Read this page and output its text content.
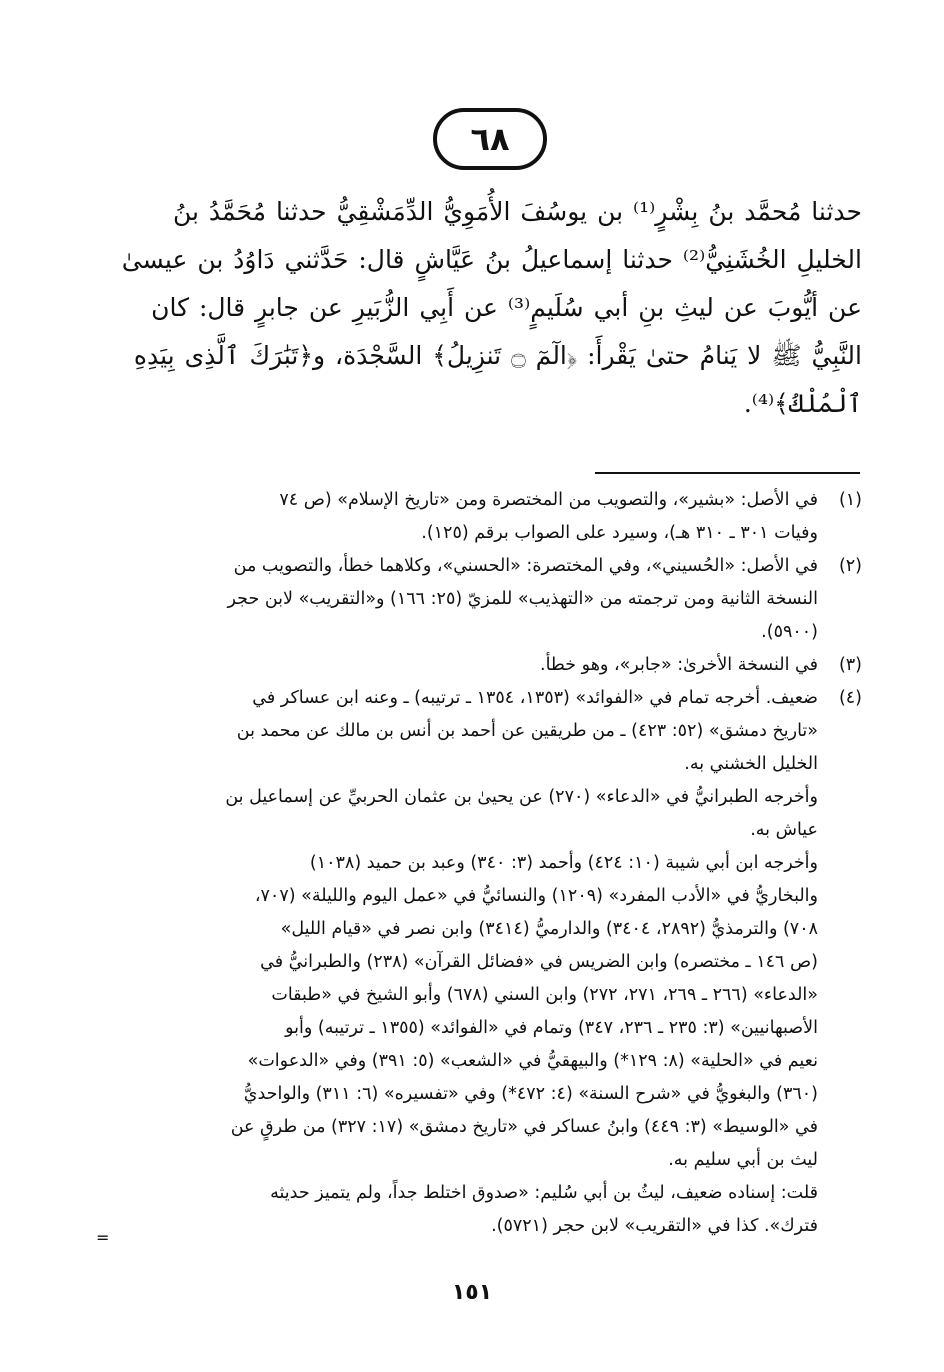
٦٨
حدثنا مُحمَّد بنُ بِشْرٍ⁽¹⁾ بن يوسُفَ الأُمَوِيُّ الدِّمَشْقِيُّ حدثنا مُحَمَّدُ بنُ
الخليلِ الخُشَنِيُّ⁽²⁾ حدثنا إسماعيلُ بنُ عَيَّاشٍ قال: حَدَّثني دَاوُدُ بن عيسىٰ
عن أيُّوبَ عن ليثِ بنِ أبي سُلَيمٍ⁽³⁾ عن أَبِي الزُّبَيرِ عن جابرٍ قال: كان
النَّبِيُّ ﷺ لا يَنامُ حتىٰ يَقْرأَ: ﴿الٓمٓ ۝ تَنزِيلُ﴾ السَّجْدَة، و﴿تَبَٰرَكَ ٱلَّذِى بِيَدِهِ
ٱلْمُلْكُ﴾⁽⁴⁾.
(١)
في الأصل: «بشير»، والتصويب من المختصرة ومن «تاريخ الإسلام» (ص ٧٤
وفيات ٣٠١ ـ ٣١٠ هـ)، وسيرد على الصواب برقم (١٢٥).
(٢)
في الأصل: «الحُسيني»، وفي المختصرة: «الحسني»، وكلاهما خطأ، والتصويب من
النسخة الثانية ومن ترجمته من «التهذيب» للمزيّ (٢٥: ١٦٦) و«التقريب» لابن حجر
(٥٩٠٠).
(٣)
في النسخة الأخرىٰ: «جابر»، وهو خطأ.
(٤)
ضعيف. أخرجه تمام في «الفوائد» (١٣٥٣، ١٣٥٤ ـ ترتيبه) ـ وعنه ابن عساكر في
«تاريخ دمشق» (٥٢: ٤٢٣) ـ من طريقين عن أحمد بن أنس بن مالك عن محمد بن
الخليل الخشني به.
وأخرجه الطبرانيُّ في «الدعاء» (٢٧٠) عن يحيىٰ بن عثمان الحربيِّ عن إسماعيل بن
عياش به.
وأخرجه ابن أبي شيبة (١٠: ٤٢٤) وأحمد (٣: ٣٤٠) وعبد بن حميد (١٠٣٨)
والبخاريُّ في «الأدب المفرد» (١٢٠٩) والنسائيُّ في «عمل اليوم والليلة» (٧٠٧،
٧٠٨) والترمذيُّ (٢٨٩٢، ٣٤٠٤) والدارميُّ (٣٤١٤) وابن نصر في «قيام الليل»
(ص ١٤٦ ـ مختصره) وابن الضريس في «فضائل القرآن» (٢٣٨) والطبرانيُّ في
«الدعاء» (٢٦٦ ـ ٢٦٩، ٢٧١، ٢٧٢) وابن السني (٦٧٨) وأبو الشيخ في «طبقات
الأصبهانيين» (٣: ٢٣٥ ـ ٢٣٦، ٣٤٧) وتمام في «الفوائد» (١٣٥٥ ـ ترتيبه) وأبو
نعيم في «الحلية» (٨: ١٢٩*) والبيهقيُّ في «الشعب» (٥: ٣٩١) وفي «الدعوات»
(٣٦٠) والبغويُّ في «شرح السنة» (٤: ٤٧٢*) وفي «تفسيره» (٦: ٣١١) والواحديُّ
في «الوسيط» (٣: ٤٤٩) وابنُ عساكر في «تاريخ دمشق» (١٧: ٣٢٧) من طرقٍ عن
ليث بن أبي سليم به.
قلت: إسناده ضعيف، ليثُ بن أبي سُليم: «صدوق اختلط جداً، ولم يتميز حديثه
فترك». كذا في «التقريب» لابن حجر (٥٧٢١).
=
١٥١
